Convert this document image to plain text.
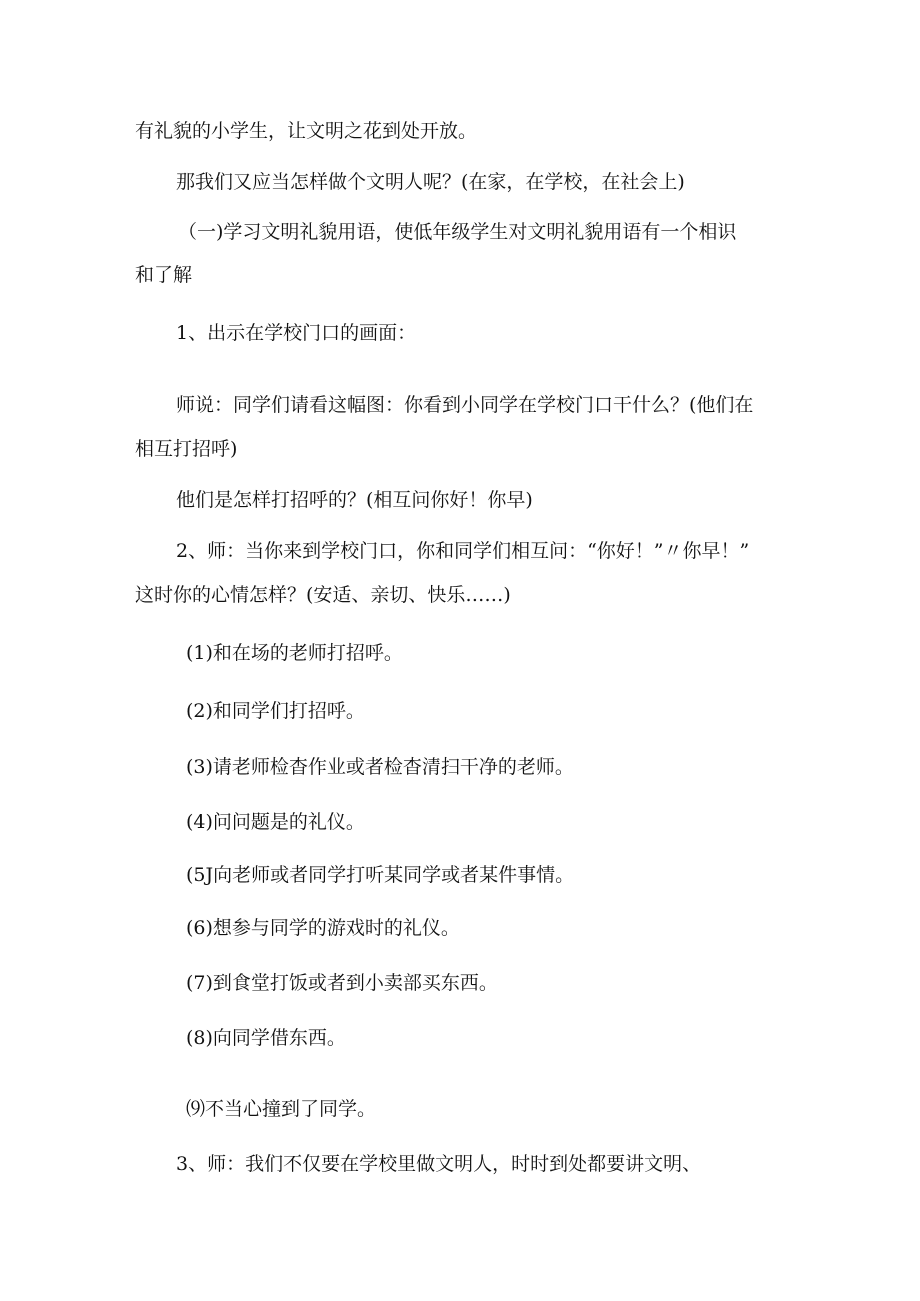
有礼貌的小学生，让文明之花到处开放。
那我们又应当怎样做个文明人呢？(在家，在学校，在社会上)
（一)学习文明礼貌用语，使低年级学生对文明礼貌用语有一个相识
和了解
1、出示在学校门口的画面：
师说：同学们请看这幅图：你看到小同学在学校门口干什么？(他们在
相互打招呼)
他们是怎样打招呼的？(相互问你好！你早)
2、师：当你来到学校门口，你和同学们相互问：“你好！”〃你早！”
这时你的心情怎样？(安适、亲切、快乐……)
(1)和在场的老师打招呼。
(2)和同学们打招呼。
(3)请老师检杳作业或者检杳清扫干净的老师。
(4)问问题是的礼仪。
(5J向老师或者同学打听某同学或者某件事情。
(6)想参与同学的游戏时的礼仪。
(7)到食堂打饭或者到小卖部买东西。
(8)向同学借东西。
⑼不当心撞到了同学。
3、师：我们不仅要在学校里做文明人，时时到处都要讲文明、
